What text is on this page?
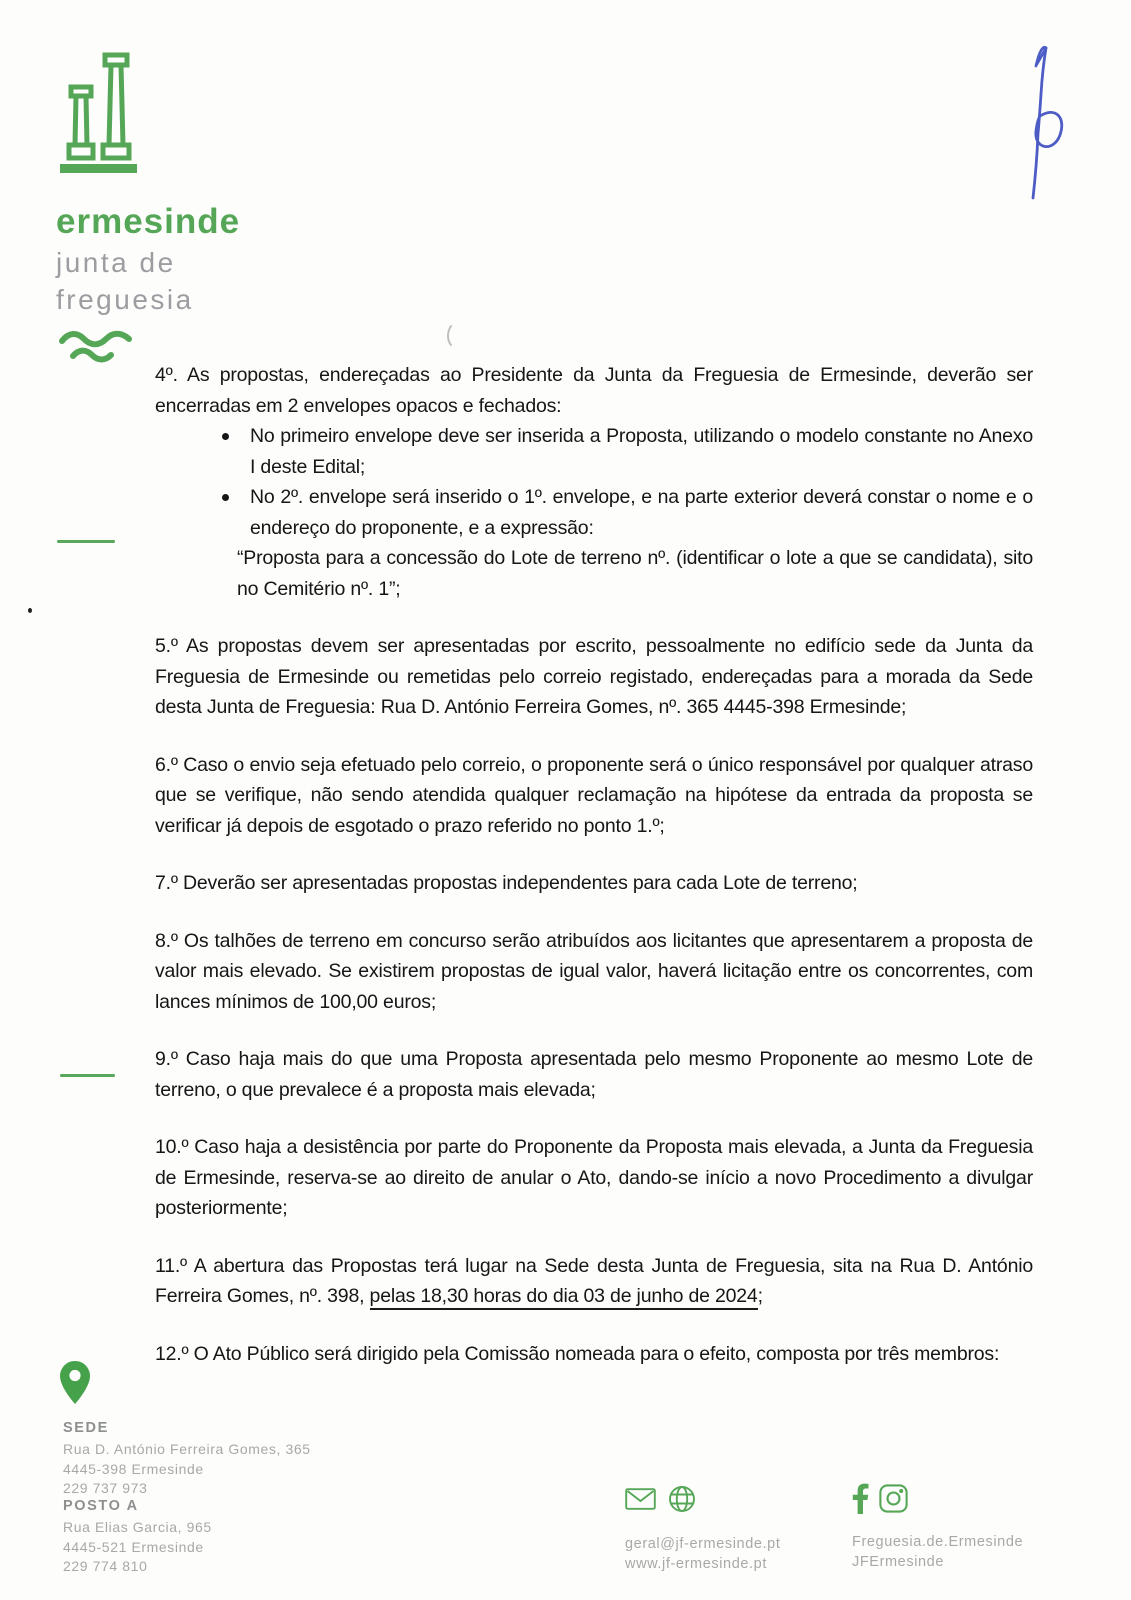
ermesinde
junta de
freguesia

4º. As propostas, endereçadas ao Presidente da Junta da Freguesia de Ermesinde, deverão ser encerradas em 2 envelopes opacos e fechados:

No primeiro envelope deve ser inserida a Proposta, utilizando o modelo constante no Anexo I deste Edital;
No 2º. envelope será inserido o 1º. envelope, e na parte exterior deverá constar o nome e o endereço do proponente, e a expressão:
“Proposta para a concessão do Lote de terreno nº. (identificar o lote a que se candidata), sito no Cemitério nº. 1”;

5.º As propostas devem ser apresentadas por escrito, pessoalmente no edifício sede da Junta da Freguesia de Ermesinde ou remetidas pelo correio registado, endereçadas para a morada da Sede desta Junta de Freguesia: Rua D. António Ferreira Gomes, nº. 365 4445-398 Ermesinde;

6.º Caso o envio seja efetuado pelo correio, o proponente será o único responsável por qualquer atraso que se verifique, não sendo atendida qualquer reclamação na hipótese da entrada da proposta se verificar já depois de esgotado o prazo referido no ponto 1.º;

7.º Deverão ser apresentadas propostas independentes para cada Lote de terreno;

8.º Os talhões de terreno em concurso serão atribuídos aos licitantes que apresentarem a proposta de valor mais elevado. Se existirem propostas de igual valor, haverá licitação entre os concorrentes, com lances mínimos de 100,00 euros;

9.º Caso haja mais do que uma Proposta apresentada pelo mesmo Proponente ao mesmo Lote de terreno, o que prevalece é a proposta mais elevada;

10.º Caso haja a desistência por parte do Proponente da Proposta mais elevada, a Junta da Freguesia de Ermesinde, reserva-se ao direito de anular o Ato, dando-se início a novo Procedimento a divulgar posteriormente;

11.º A abertura das Propostas terá lugar na Sede desta Junta de Freguesia, sita na Rua D. António Ferreira Gomes, nº. 398, pelas 18,30 horas do dia 03 de junho de 2024;

12.º O Ato Público será dirigido pela Comissão nomeada para o efeito, composta por três membros:

SEDE
Rua D. António Ferreira Gomes, 365
4445-398 Ermesinde
229 737 973
POSTO A
Rua Elias Garcia, 965
4445-521 Ermesinde
229 774 810
geral@jf-ermesinde.pt
www.jf-ermesinde.pt
Freguesia.de.Ermesinde
JFErmesinde
